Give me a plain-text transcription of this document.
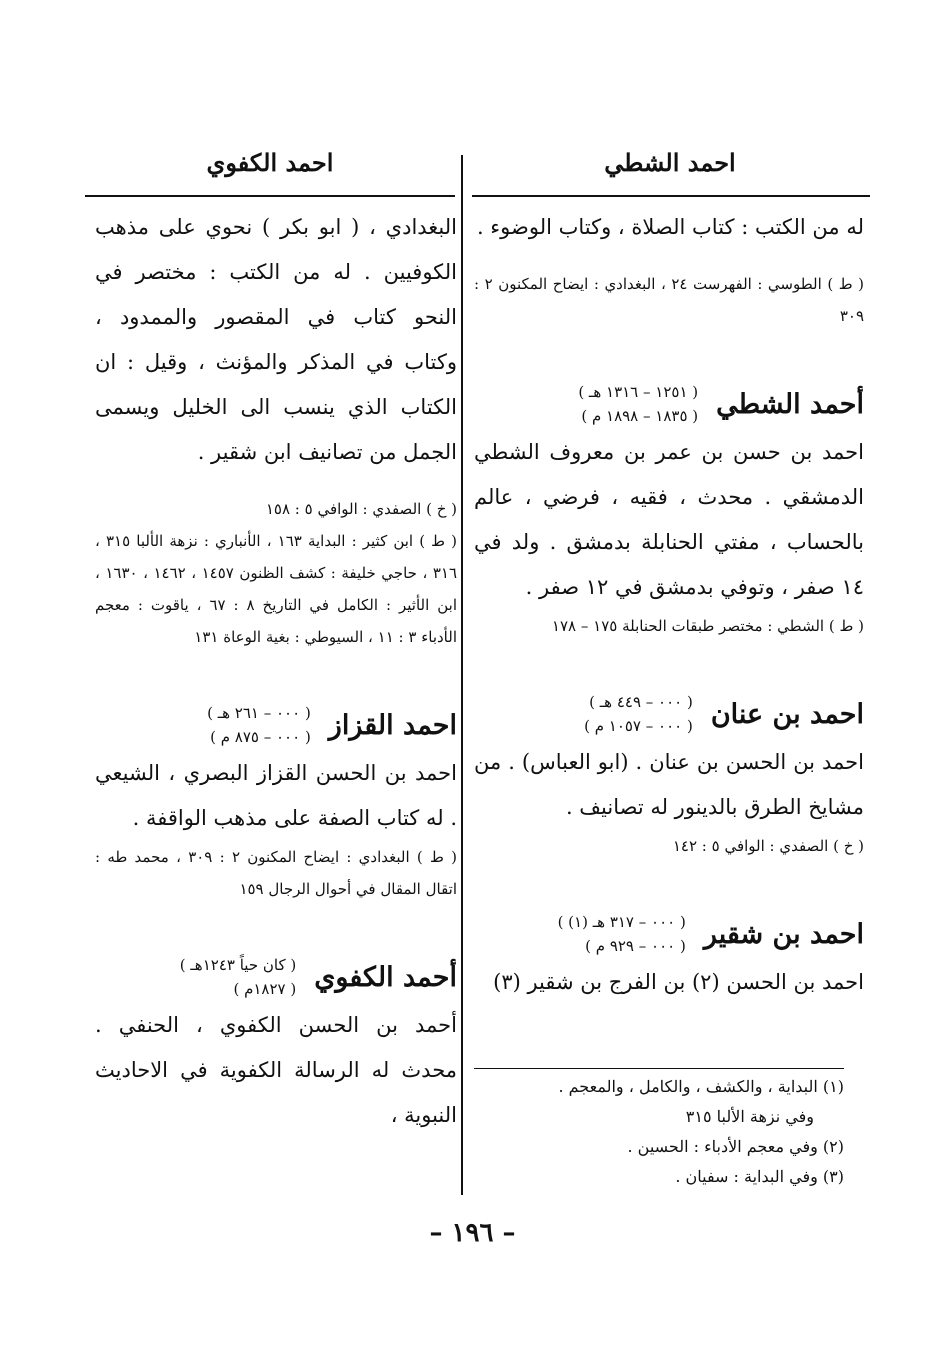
احمد الشطي
احمد الكفوي

له من الكتب : كتاب الصلاة ، وكتاب الوضوء .

( ط ) الطوسي : الفهرست ٢٤ ، البغدادي : ايضاح المكنون ٢ : ٣٠٩

أحمد الشطي
( ١٢٥١ – ١٣١٦ هـ )
( ١٨٣٥ – ١٨٩٨ م )

احمد بن حسن بن عمر بن معروف الشطي الدمشقي . محدث ، فقيه ، فرضي ، عالم بالحساب ، مفتي الحنابلة بدمشق . ولد في ١٤ صفر ، وتوفي بدمشق في ١٢ صفر .

( ط ) الشطي : مختصر طبقات الحنابلة ١٧٥ – ١٧٨

احمد بن عنان
( ٠٠٠ – ٤٤٩ هـ )
( ٠٠٠ – ١٠٥٧ م )

احمد بن الحسن بن عنان . (ابو العباس) . من مشايخ الطرق بالدينور له تصانيف .

( خ ) الصفدي : الوافي ٥ : ١٤٢

احمد بن شقير
( ٠٠٠ – ٣١٧ هـ (١) )
( ٠٠٠ – ٩٢٩ م )

احمد بن الحسن (٢) بن الفرج بن شقير (٣)

(١) البداية ، والكشف ، والكامل ، والمعجم .
وفي نزهة الألبا ٣١٥
(٢) وفي معجم الأدباء : الحسين .
(٣) وفي البداية : سفيان .

البغدادي ، ( ابو بكر ) نحوي على مذهب الكوفيين . له من الكتب : مختصر في النحو كتاب في المقصور والممدود ، وكتاب في المذكر والمؤنث ، وقيل : ان الكتاب الذي ينسب الى الخليل ويسمى الجمل من تصانيف ابن شقير .

( خ ) الصفدي : الوافي ٥ : ١٥٨

( ط ) ابن كثير : البداية ١٦٣ ، الأنباري : نزهة الألبا ٣١٥ ، ٣١٦ ، حاجي خليفة : كشف الظنون ١٤٥٧ ، ١٤٦٢ ، ١٦٣٠ ، ابن الأثير : الكامل في التاريخ ٨ : ٦٧ ، ياقوت : معجم الأدباء ٣ : ١١ ، السيوطي : بغية الوعاة ١٣١

احمد القزاز
( ٠٠٠ – ٢٦١ هـ )
( ٠٠٠ – ٨٧٥ م )

احمد بن الحسن القزاز البصري ، الشيعي . له كتاب الصفة على مذهب الواقفة .

( ط ) البغدادي : ايضاح المكنون ٢ : ٣٠٩ ، محمد طه : اتقال المقال في أحوال الرجال ١٥٩

أحمد الكفوي
( كان حياً ١٢٤٣هـ )
( ١٨٢٧م )

أحمد بن الحسن الكفوي ، الحنفي . محدث له الرسالة الكفوية في الاحاديث النبوية ،

– ١٩٦ –
